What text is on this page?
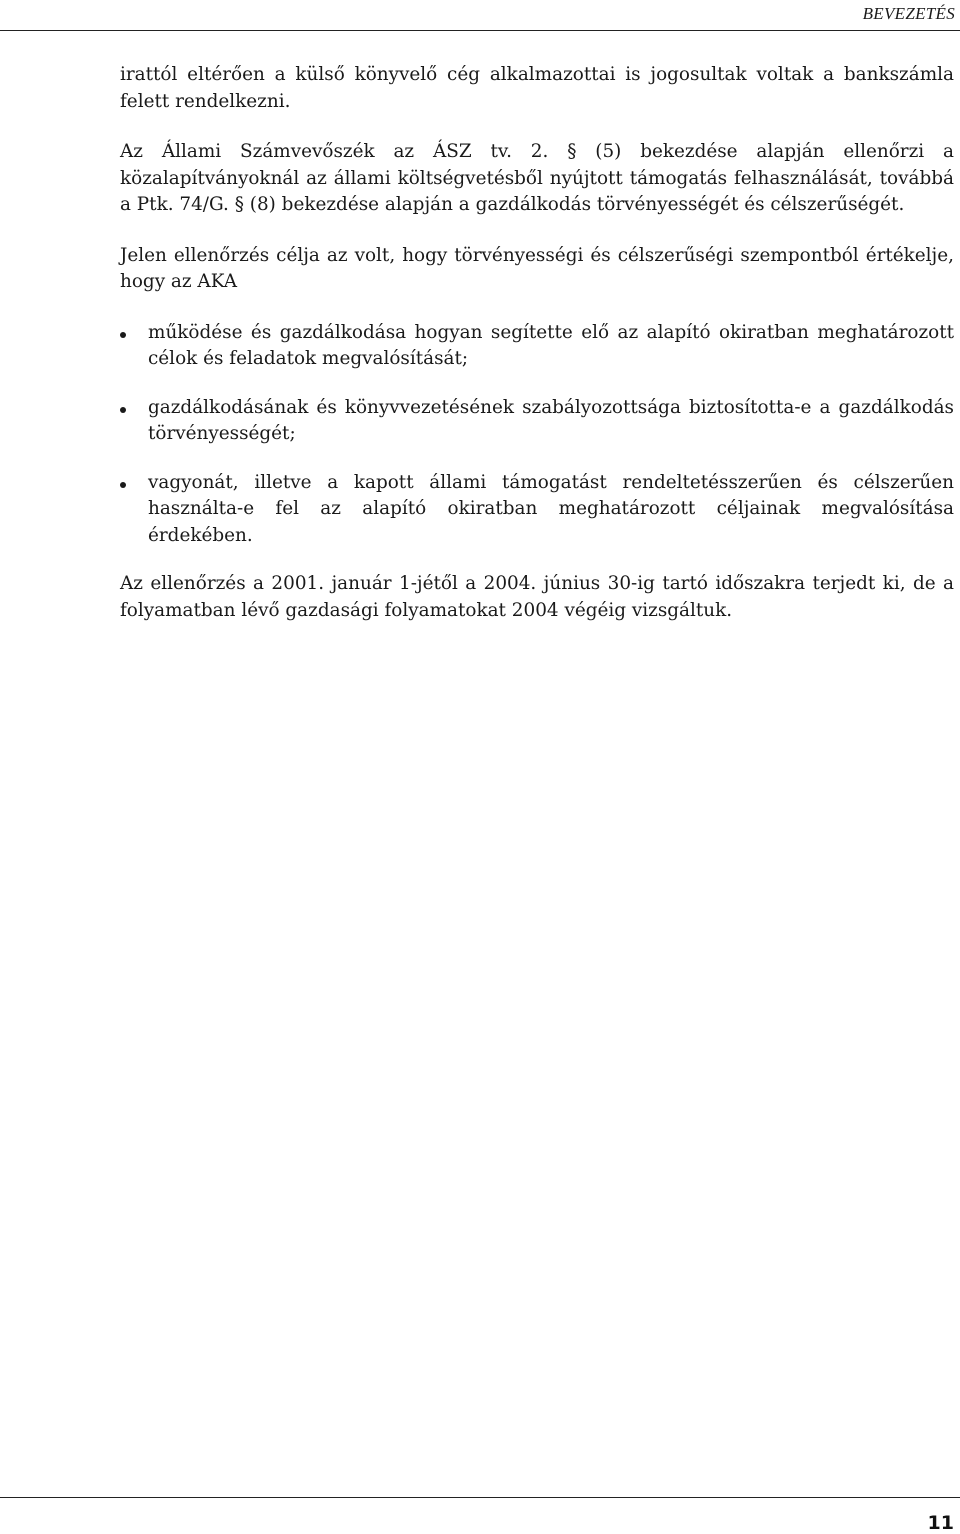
BEVEZETÉS

irattól eltérően a külső könyvelő cég alkalmazottai is jogosultak voltak a bankszámla felett rendelkezni.

Az Állami Számvevőszék az ÁSZ tv. 2. § (5) bekezdése alapján ellenőrzi a közalapítványoknál az állami költségvetésből nyújtott támogatás felhasználását, továbbá a Ptk. 74/G. § (8) bekezdése alapján a gazdálkodás törvényességét és célszerűségét.

Jelen ellenőrzés célja az volt, hogy törvényességi és célszerűségi szempontból értékelje, hogy az AKA

működése és gazdálkodása hogyan segítette elő az alapító okiratban meghatározott célok és feladatok megvalósítását;
gazdálkodásának és könyvvezetésének szabályozottsága biztosította-e a gazdálkodás törvényességét;
vagyonát, illetve a kapott állami támogatást rendeltetésszerűen és célszerűen használta-e fel az alapító okiratban meghatározott céljainak megvalósítása érdekében.

Az ellenőrzés a 2001. január 1-jétől a 2004. június 30-ig tartó időszakra terjedt ki, de a folyamatban lévő gazdasági folyamatokat 2004 végéig vizsgáltuk.

11
